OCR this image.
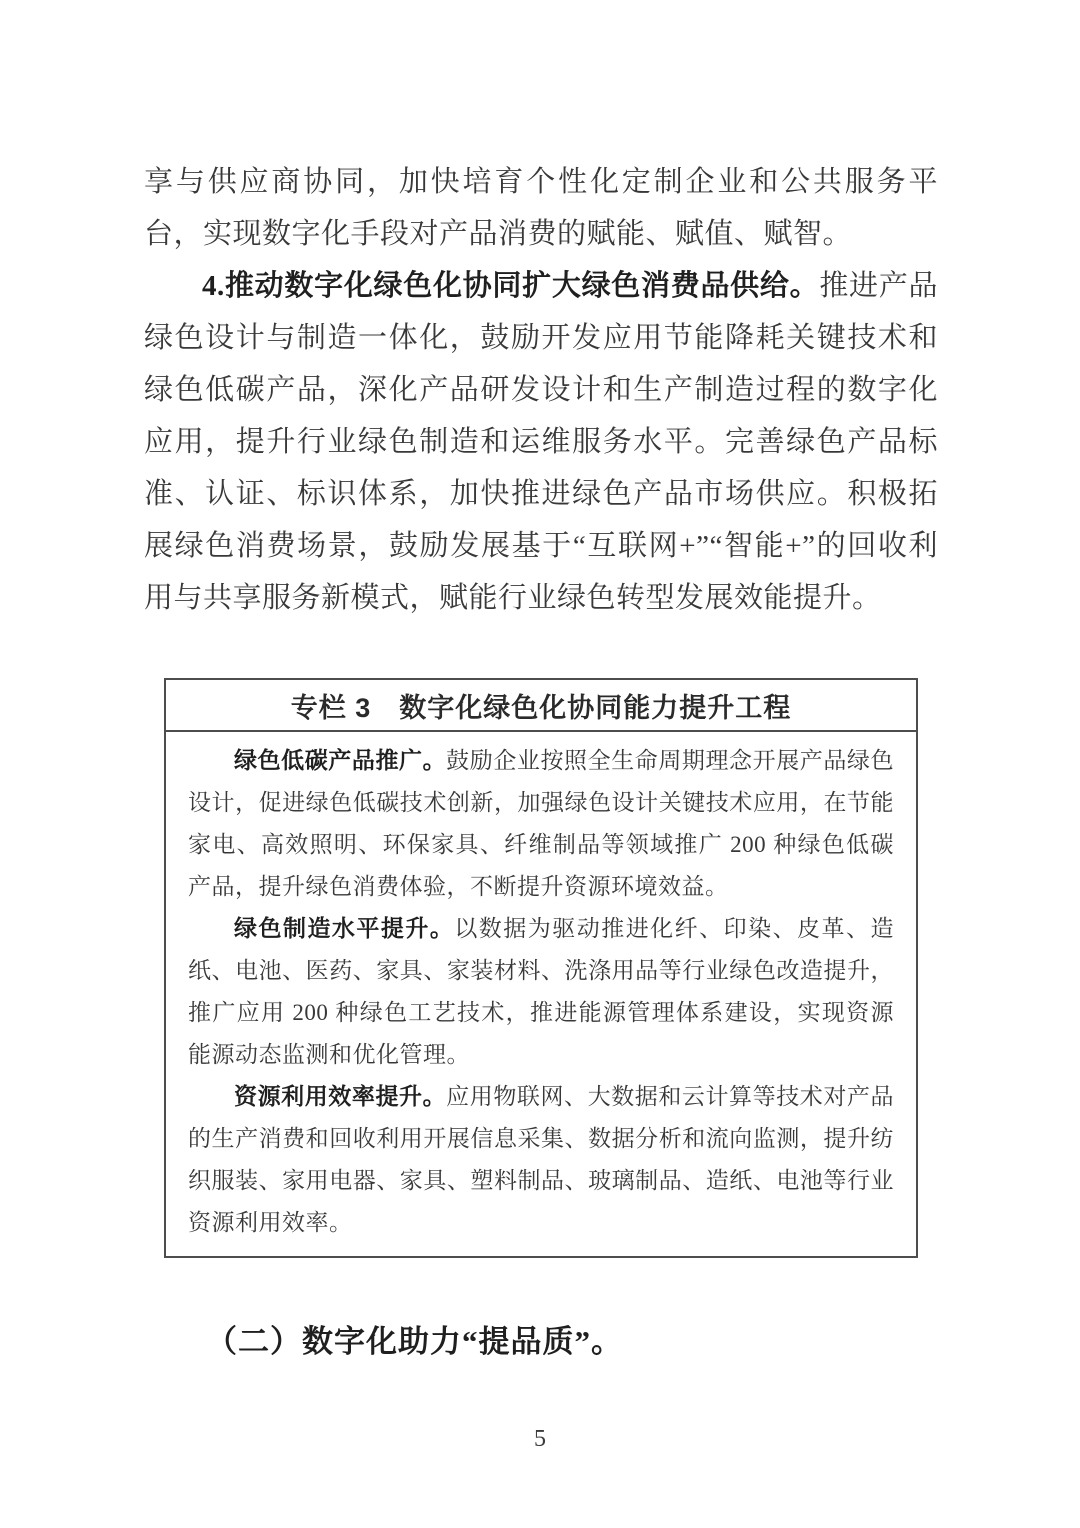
享与供应商协同，加快培育个性化定制企业和公共服务平台，实现数字化手段对产品消费的赋能、赋值、赋智。

4.推动数字化绿色化协同扩大绿色消费品供给。推进产品绿色设计与制造一体化，鼓励开发应用节能降耗关键技术和绿色低碳产品，深化产品研发设计和生产制造过程的数字化应用，提升行业绿色制造和运维服务水平。完善绿色产品标准、认证、标识体系，加快推进绿色产品市场供应。积极拓展绿色消费场景，鼓励发展基于“互联网+”“智能+”的回收利用与共享服务新模式，赋能行业绿色转型发展效能提升。

专栏 3　数字化绿色化协同能力提升工程

绿色低碳产品推广。鼓励企业按照全生命周期理念开展产品绿色设计，促进绿色低碳技术创新，加强绿色设计关键技术应用，在节能家电、高效照明、环保家具、纤维制品等领域推广 200 种绿色低碳产品，提升绿色消费体验，不断提升资源环境效益。

绿色制造水平提升。以数据为驱动推进化纤、印染、皮革、造纸、电池、医药、家具、家装材料、洗涤用品等行业绿色改造提升，推广应用 200 种绿色工艺技术，推进能源管理体系建设，实现资源能源动态监测和优化管理。

资源利用效率提升。应用物联网、大数据和云计算等技术对产品的生产消费和回收利用开展信息采集、数据分析和流向监测，提升纺织服装、家用电器、家具、塑料制品、玻璃制品、造纸、电池等行业资源利用效率。

（二）数字化助力“提品质”。

5
